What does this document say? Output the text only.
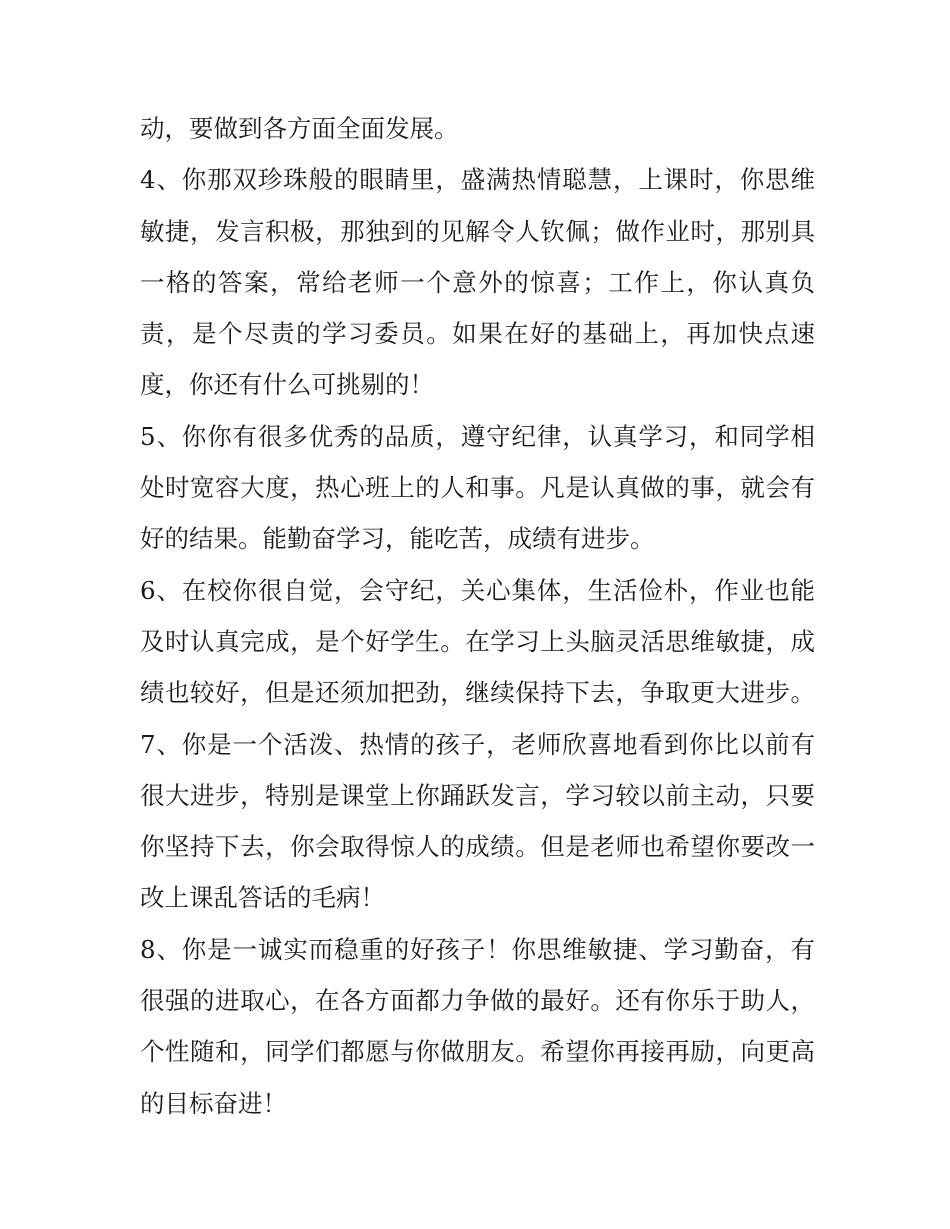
动，要做到各方面全面发展。
4、你那双珍珠般的眼睛里，盛满热情聪慧，上课时，你思维
敏捷，发言积极，那独到的见解令人钦佩；做作业时，那别具
一格的答案，常给老师一个意外的惊喜；工作上，你认真负
责，是个尽责的学习委员。如果在好的基础上，再加快点速
度，你还有什么可挑剔的！
5、你你有很多优秀的品质，遵守纪律，认真学习，和同学相
处时宽容大度，热心班上的人和事。凡是认真做的事，就会有
好的结果。能勤奋学习，能吃苦，成绩有进步。
6、在校你很自觉，会守纪，关心集体，生活俭朴，作业也能
及时认真完成，是个好学生。在学习上头脑灵活思维敏捷，成
绩也较好，但是还须加把劲，继续保持下去，争取更大进步。
7、你是一个活泼、热情的孩子，老师欣喜地看到你比以前有
很大进步，特别是课堂上你踊跃发言，学习较以前主动，只要
你坚持下去，你会取得惊人的成绩。但是老师也希望你要改一
改上课乱答话的毛病！
8、你是一诚实而稳重的好孩子！你思维敏捷、学习勤奋，有
很强的进取心，在各方面都力争做的最好。还有你乐于助人，
个性随和，同学们都愿与你做朋友。希望你再接再励，向更高
的目标奋进！
